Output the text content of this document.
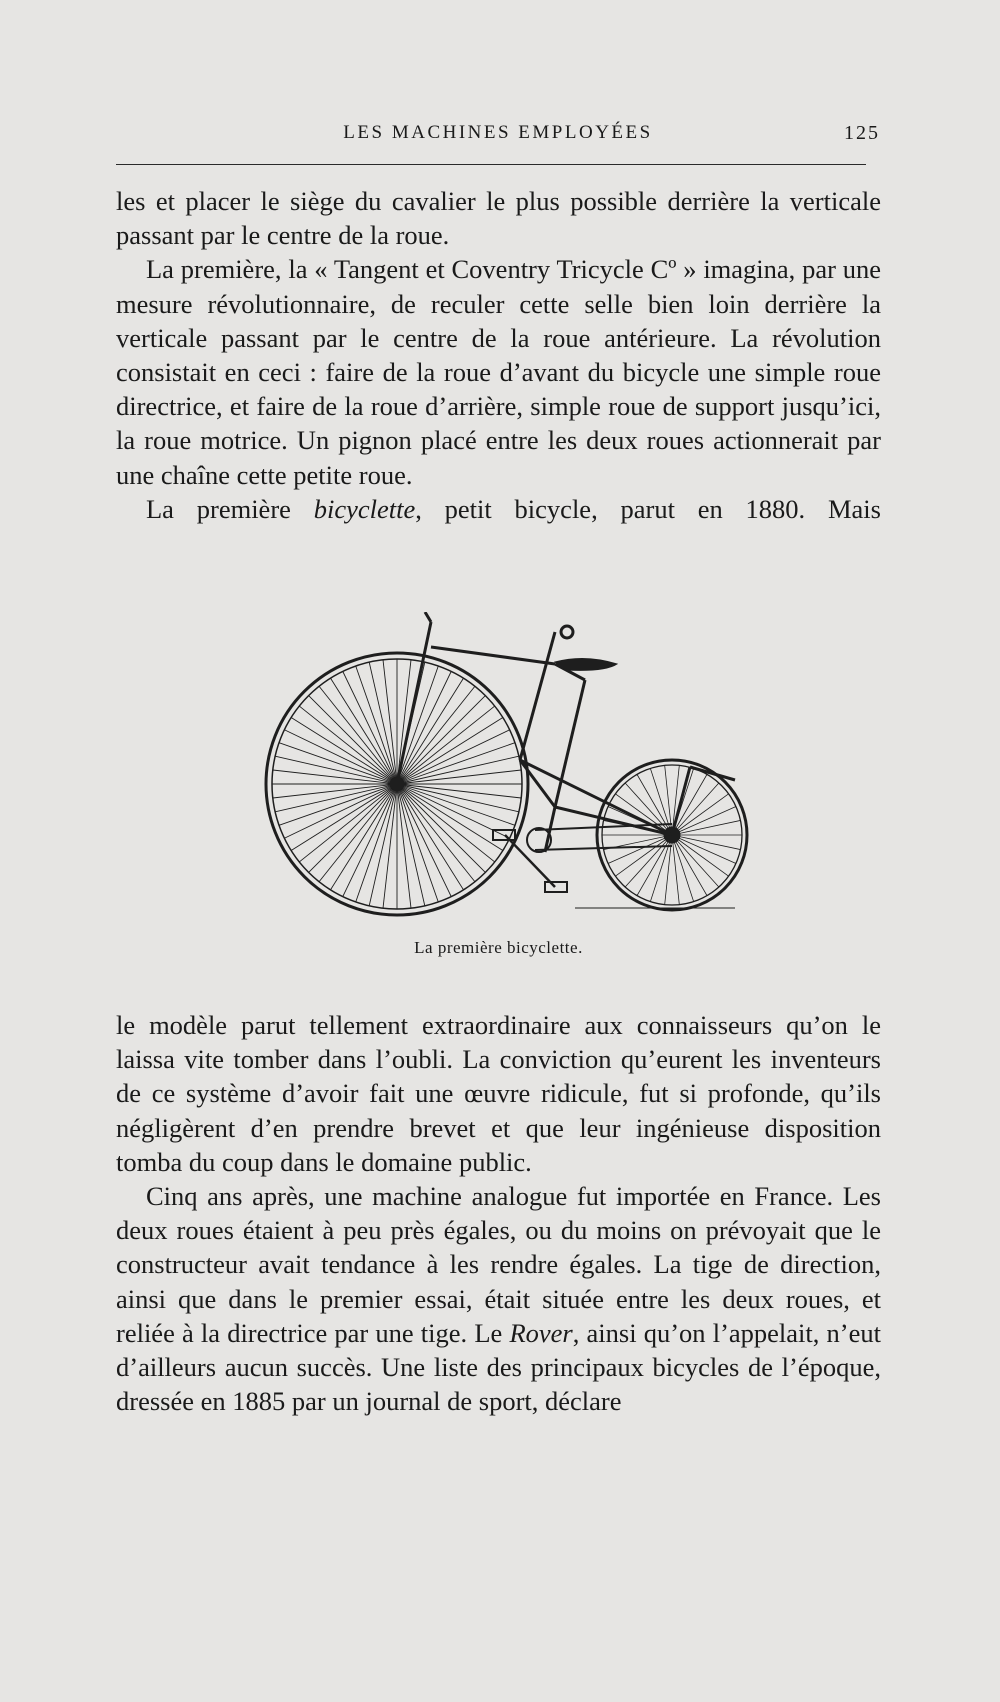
LES MACHINES EMPLOYÉES	125

les et placer le siège du cavalier le plus possible derrière la verticale passant par le centre de la roue.

La première, la « Tangent et Coventry Tricycle Cº » imagina, par une mesure révolutionnaire, de reculer cette selle bien loin derrière la verticale passant par le centre de la roue antérieure. La révolution consistait en ceci : faire de la roue d’avant du bicycle une simple roue directrice, et faire de la roue d’arrière, simple roue de support jusqu’ici, la roue motrice. Un pignon placé entre les deux roues actionnerait par une chaîne cette petite roue.

La première bicyclette, petit bicycle, parut en 1880. Mais

La première bicyclette.

le modèle parut tellement extraordinaire aux connaisseurs qu’on le laissa vite tomber dans l’oubli. La conviction qu’eurent les inventeurs de ce système d’avoir fait une œuvre ridicule, fut si profonde, qu’ils négligèrent d’en prendre brevet et que leur ingénieuse disposition tomba du coup dans le domaine public.

Cinq ans après, une machine analogue fut importée en France. Les deux roues étaient à peu près égales, ou du moins on prévoyait que le constructeur avait tendance à les rendre égales. La tige de direction, ainsi que dans le premier essai, était située entre les deux roues, et reliée à la directrice par une tige. Le Rover, ainsi qu’on l’appelait, n’eut d’ailleurs aucun succès. Une liste des principaux bicycles de l’époque, dressée en 1885 par un journal de sport, déclare
